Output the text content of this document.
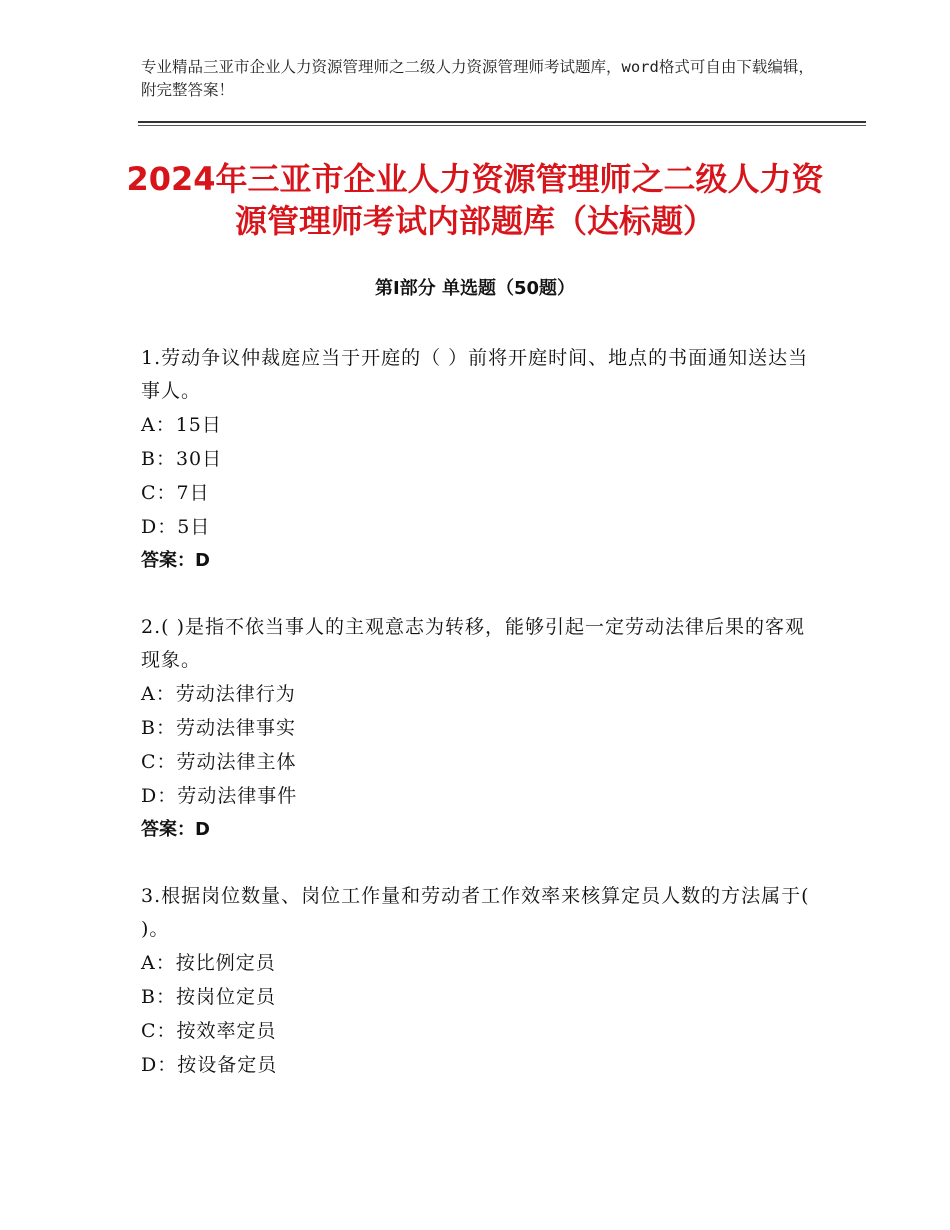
专业精品三亚市企业人力资源管理师之二级人力资源管理师考试题库，word格式可自由下载编辑，附完整答案！
2024年三亚市企业人力资源管理师之二级人力资源管理师考试内部题库（达标题）
第Ⅰ部分 单选题（50题）
1.劳动争议仲裁庭应当于开庭的（ ）前将开庭时间、地点的书面通知送达当事人。
A：15日
B：30日
C：7日
D：5日
答案：D
2.( )是指不依当事人的主观意志为转移，能够引起一定劳动法律后果的客观现象。
A：劳动法律行为
B：劳动法律事实
C：劳动法律主体
D：劳动法律事件
答案：D
3.根据岗位数量、岗位工作量和劳动者工作效率来核算定员人数的方法属于( )。
A：按比例定员
B：按岗位定员
C：按效率定员
D：按设备定员
